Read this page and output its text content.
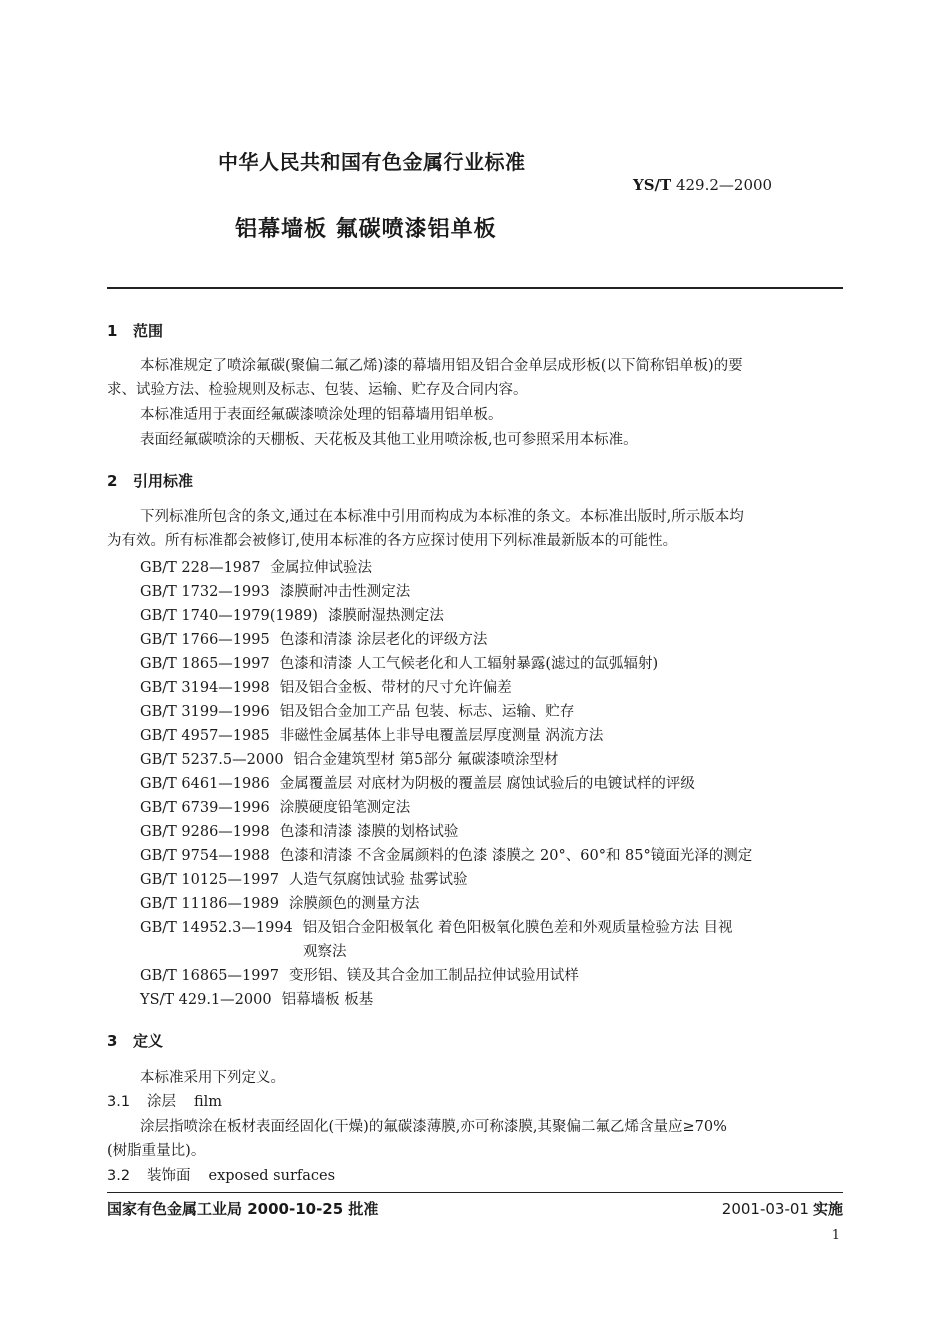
中华人民共和国有色金属行业标准
YS/T 429.2—2000
铝幕墙板 氟碳喷漆铝单板
1 范围
本标准规定了喷涂氟碳(聚偏二氟乙烯)漆的幕墙用铝及铝合金单层成形板(以下简称铝单板)的要
求、试验方法、检验规则及标志、包装、运输、贮存及合同内容。
本标准适用于表面经氟碳漆喷涂处理的铝幕墙用铝单板。
表面经氟碳喷涂的天棚板、天花板及其他工业用喷涂板,也可参照采用本标准。
2 引用标准
下列标准所包含的条文,通过在本标准中引用而构成为本标准的条文。本标准出版时,所示版本均
为有效。所有标准都会被修订,使用本标准的各方应探讨使用下列标准最新版本的可能性。
GB/T 228—1987 金属拉伸试验法
GB/T 1732—1993 漆膜耐冲击性测定法
GB/T 1740—1979(1989) 漆膜耐湿热测定法
GB/T 1766—1995 色漆和清漆 涂层老化的评级方法
GB/T 1865—1997 色漆和清漆 人工气候老化和人工辐射暴露(滤过的氙弧辐射)
GB/T 3194—1998 铝及铝合金板、带材的尺寸允许偏差
GB/T 3199—1996 铝及铝合金加工产品 包装、标志、运输、贮存
GB/T 4957—1985 非磁性金属基体上非导电覆盖层厚度测量 涡流方法
GB/T 5237.5—2000 铝合金建筑型材 第5部分 氟碳漆喷涂型材
GB/T 6461—1986 金属覆盖层 对底材为阴极的覆盖层 腐蚀试验后的电镀试样的评级
GB/T 6739—1996 涂膜硬度铅笔测定法
GB/T 9286—1998 色漆和清漆 漆膜的划格试验
GB/T 9754—1988 色漆和清漆 不含金属颜料的色漆 漆膜之 20°、60°和 85°镜面光泽的测定
GB/T 10125—1997 人造气氛腐蚀试验 盐雾试验
GB/T 11186—1989 涂膜颜色的测量方法
GB/T 14952.3—1994 铝及铝合金阳极氧化 着色阳极氧化膜色差和外观质量检验方法 目视
观察法
GB/T 16865—1997 变形铝、镁及其合金加工制品拉伸试验用试样
YS/T 429.1—2000 铝幕墙板 板基
3 定义
本标准采用下列定义。
3.1 涂层 film
涂层指喷涂在板材表面经固化(干燥)的氟碳漆薄膜,亦可称漆膜,其聚偏二氟乙烯含量应≥70%
(树脂重量比)。
3.2 装饰面 exposed surfaces
国家有色金属工业局 2000-10-25 批准	2001-03-01 实施
1
